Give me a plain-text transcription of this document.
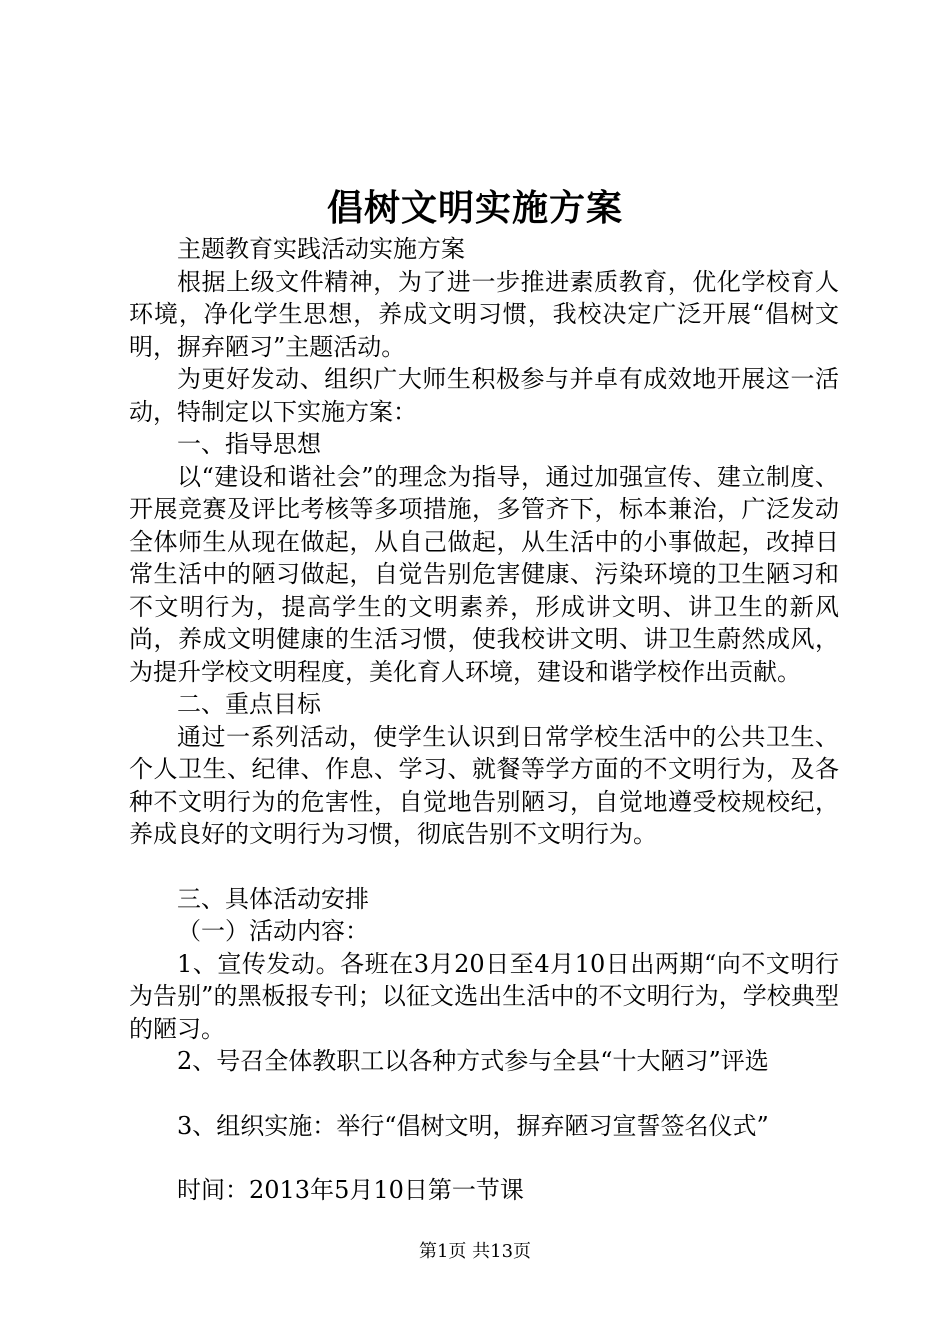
倡树文明实施方案

主题教育实践活动实施方案

根据上级文件精神，为了进一步推进素质教育，优化学校育人环境，净化学生思想，养成文明习惯，我校决定广泛开展“倡树文明，摒弃陋习”主题活动。

为更好发动、组织广大师生积极参与并卓有成效地开展这一活动，特制定以下实施方案：

一、指导思想

以“建设和谐社会”的理念为指导，通过加强宣传、建立制度、开展竞赛及评比考核等多项措施，多管齐下，标本兼治，广泛发动全体师生从现在做起，从自己做起，从生活中的小事做起，改掉日常生活中的陋习做起，自觉告别危害健康、污染环境的卫生陋习和不文明行为，提高学生的文明素养，形成讲文明、讲卫生的新风尚，养成文明健康的生活习惯，使我校讲文明、讲卫生蔚然成风，为提升学校文明程度，美化育人环境，建设和谐学校作出贡献。

二、重点目标

通过一系列活动，使学生认识到日常学校生活中的公共卫生、个人卫生、纪律、作息、学习、就餐等学方面的不文明行为，及各种不文明行为的危害性，自觉地告别陋习，自觉地遵受校规校纪，养成良好的文明行为习惯，彻底告别不文明行为。

三、具体活动安排

（一）活动内容：

1、宣传发动。各班在3月20日至4月10日出两期“向不文明行为告别”的黑板报专刊；以征文选出生活中的不文明行为，学校典型的陋习。

2、号召全体教职工以各种方式参与全县“十大陋习”评选

3、组织实施：举行“倡树文明，摒弃陋习宣誓签名仪式”

时间：2013年5月10日第一节课

第1页 共13页
